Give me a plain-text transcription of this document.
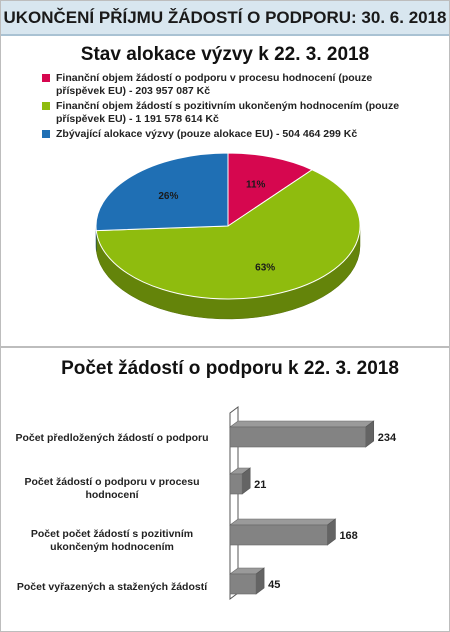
UKONČENÍ PŘÍJMU ŽÁDOSTÍ O PODPORU: 30. 6. 2018
Stav alokace výzvy k 22. 3. 2018
Finanční objem žádostí o podporu v procesu hodnocení (pouze příspěvek EU) - 203 957 087 Kč
Finanční objem žádostí s pozitivním ukončeným hodnocením (pouze příspěvek EU) - 1 191 578 614 Kč
Zbývající alokace výzvy (pouze alokace EU) - 504 464 299 Kč
Počet žádostí o podporu k 22. 3. 2018
Počet předložených žádostí o podporu
Počet žádostí o podporu v procesu hodnocení
Počet počet žádostí s pozitivním ukončeným hodnocením
Počet vyřazených a stažených žádostí
11%
63%
26%
234
21
168
45
